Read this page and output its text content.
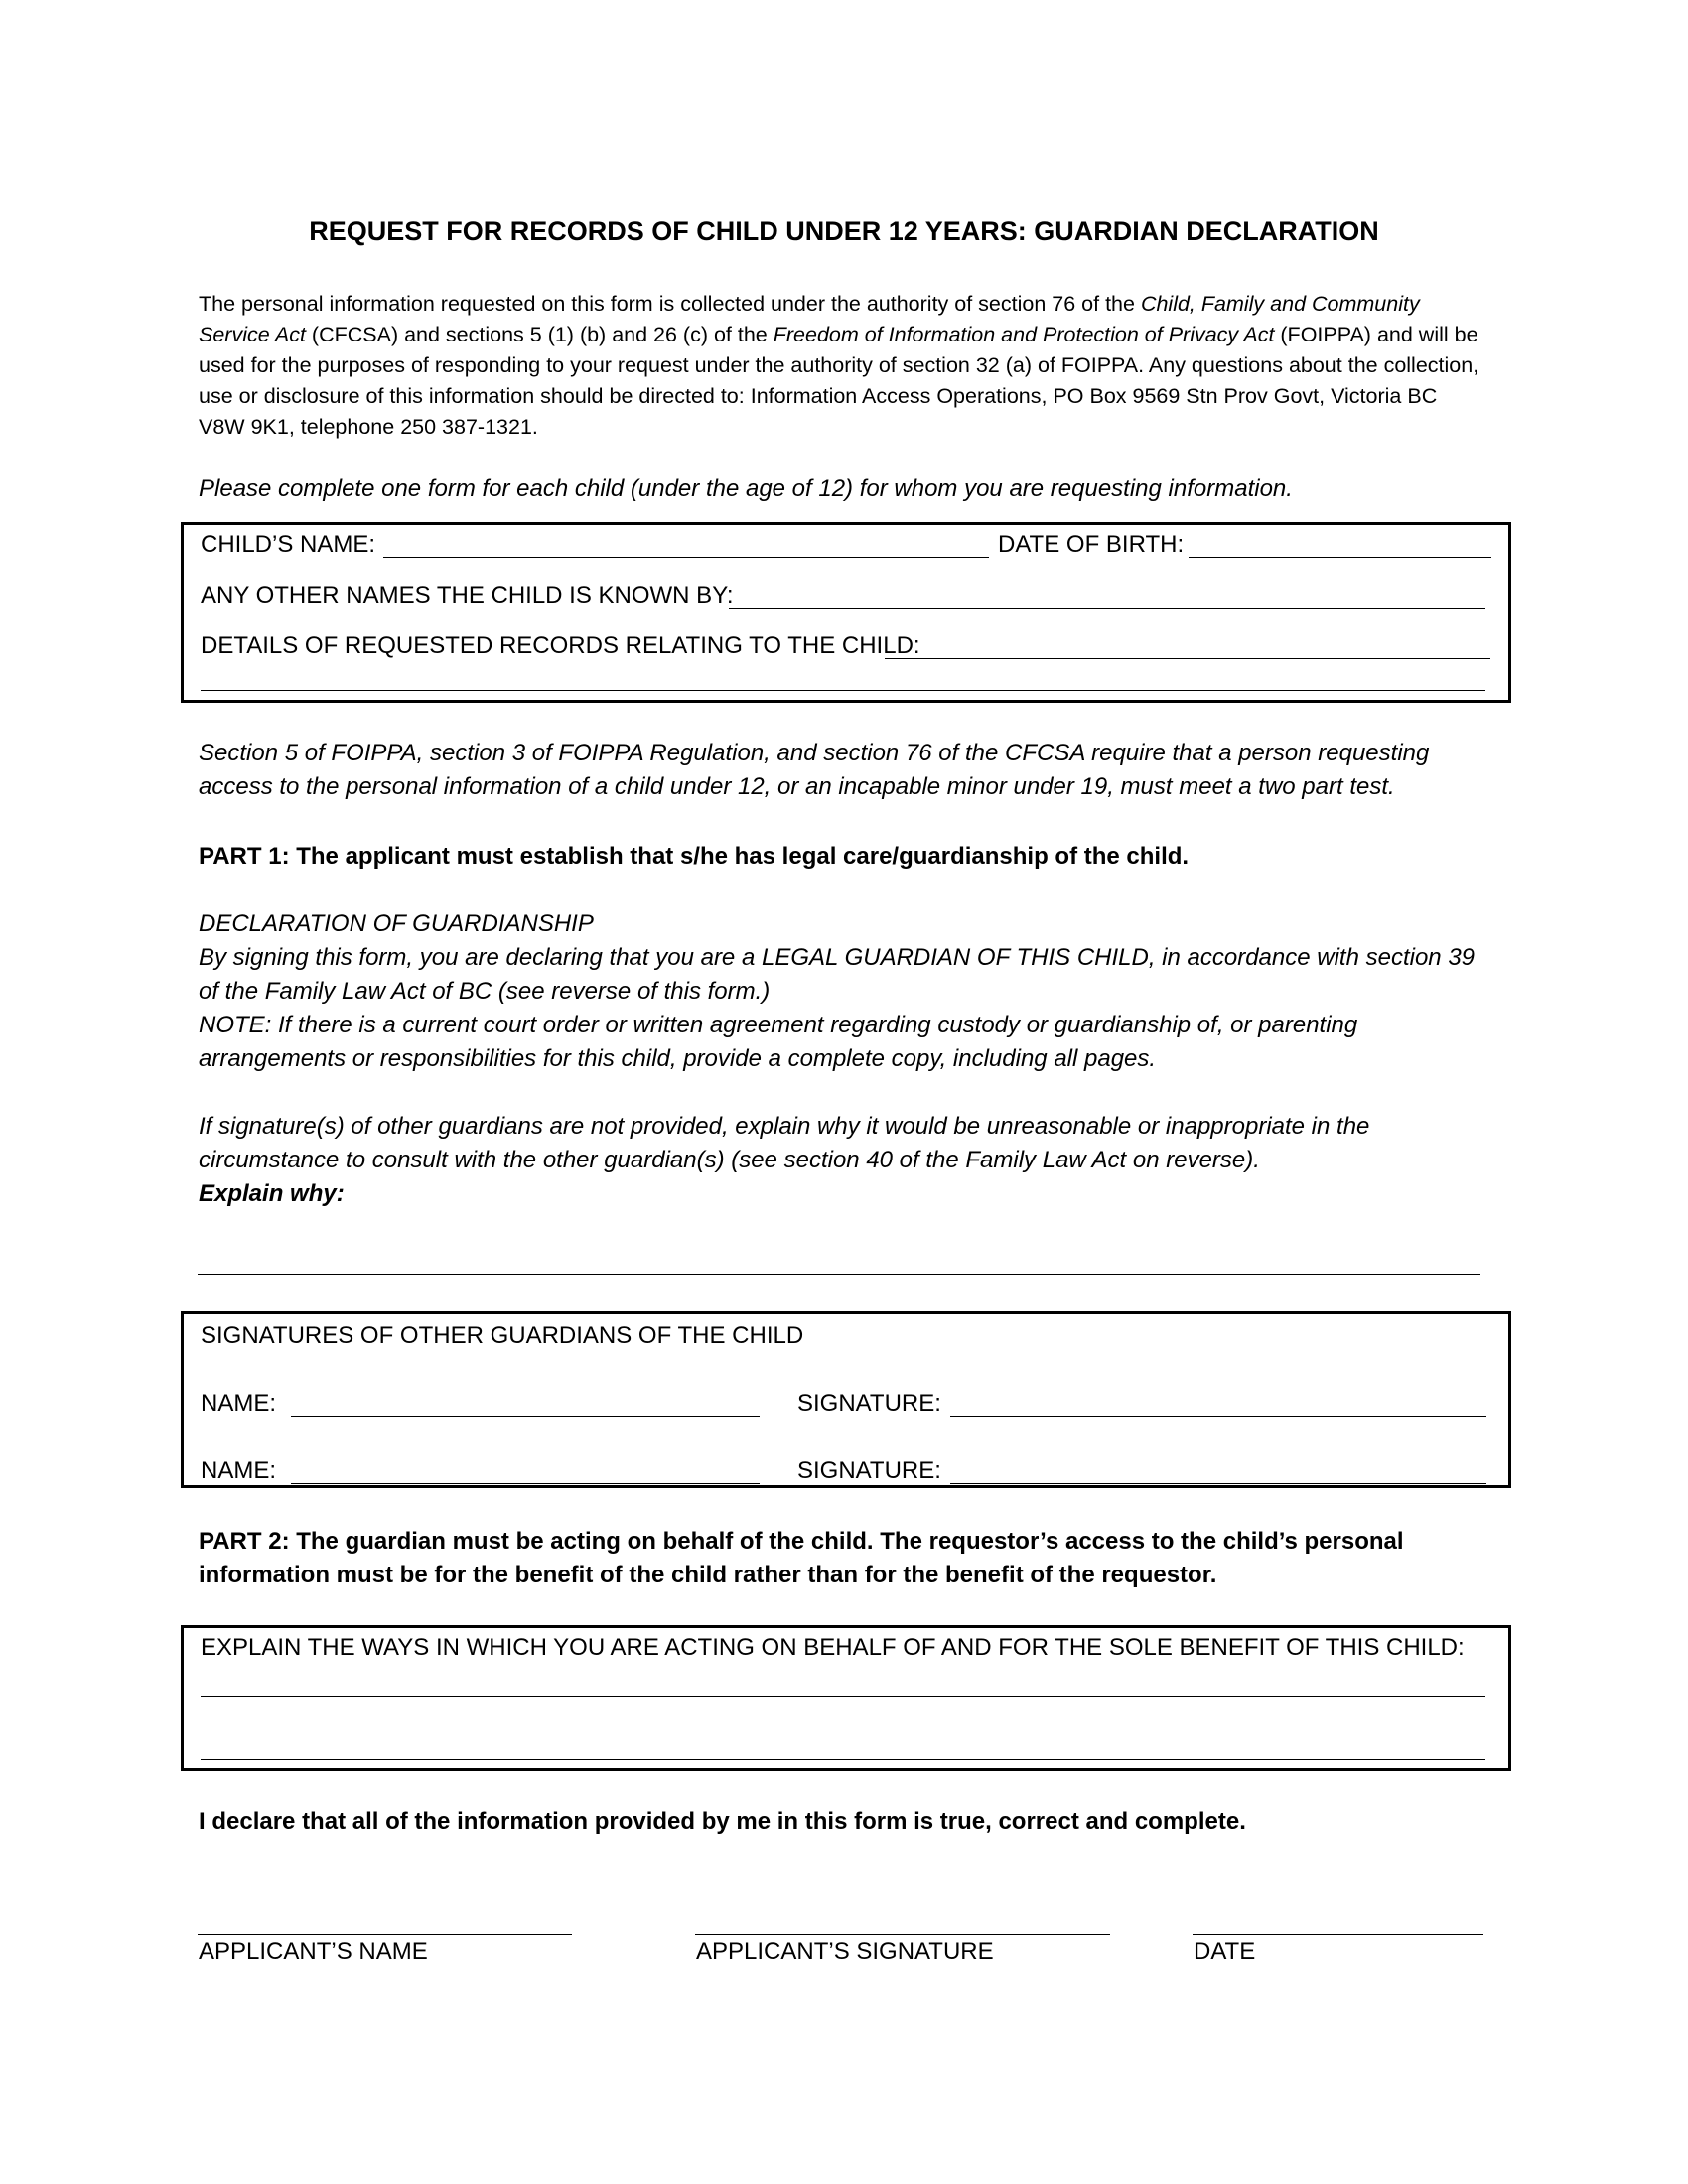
REQUEST FOR RECORDS OF CHILD UNDER 12 YEARS: GUARDIAN DECLARATION

The personal information requested on this form is collected under the authority of section 76 of the Child, Family and Community Service Act (CFCSA) and sections 5 (1) (b) and 26 (c) of the Freedom of Information and Protection of Privacy Act (FOIPPA) and will be used for the purposes of responding to your request under the authority of section 32 (a) of FOIPPA. Any questions about the collection, use or disclosure of this information should be directed to: Information Access Operations, PO Box 9569 Stn Prov Govt, Victoria BC V8W 9K1, telephone 250 387-1321.

Please complete one form for each child (under the age of 12) for whom you are requesting information.
CHILD’S NAME:	DATE OF BIRTH:
ANY OTHER NAMES THE CHILD IS KNOWN BY:
DETAILS OF REQUESTED RECORDS RELATING TO THE CHILD:
Section 5 of FOIPPA, section 3 of FOIPPA Regulation, and section 76 of the CFCSA require that a person requesting access to the personal information of a child under 12, or an incapable minor under 19, must meet a two part test.
PART 1: The applicant must establish that s/he has legal care/guardianship of the child.
DECLARATION OF GUARDIANSHIP
By signing this form, you are declaring that you are a LEGAL GUARDIAN OF THIS CHILD, in accordance with section 39 of the Family Law Act of BC (see reverse of this form.)
NOTE: If there is a current court order or written agreement regarding custody or guardianship of, or parenting arrangements or responsibilities for this child, provide a complete copy, including all pages.
If signature(s) of other guardians are not provided, explain why it would be unreasonable or inappropriate in the circumstance to consult with the other guardian(s) (see section 40 of the Family Law Act on reverse).
Explain why:
SIGNATURES OF OTHER GUARDIANS OF THE CHILD
NAME:	SIGNATURE:
NAME:	SIGNATURE:
PART 2: The guardian must be acting on behalf of the child. The requestor’s access to the child’s personal information must be for the benefit of the child rather than for the benefit of the requestor.
EXPLAIN THE WAYS IN WHICH YOU ARE ACTING ON BEHALF OF AND FOR THE SOLE BENEFIT OF THIS CHILD:
I declare that all of the information provided by me in this form is true, correct and complete.
APPLICANT’S NAME	APPLICANT’S SIGNATURE	DATE
